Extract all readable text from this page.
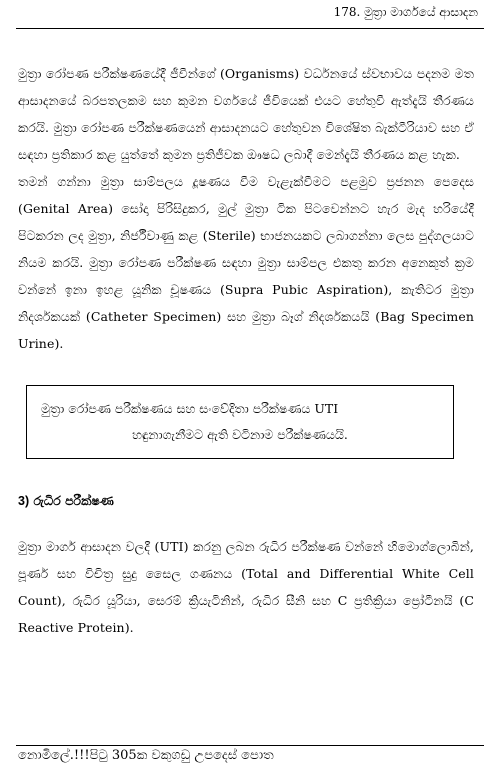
178. මුත්‍රා මාර්ගයේ ආසාදන

මුත්‍රා රෝපණ පරීක්ෂණයේදී ජීවීන්ගේ (Organisms) වර්ධනයේ ස්වභාවය පදනම මත ආසාදනයේ බරපතලකම සහ කුමන වර්ගයේ ජීවියෙක් එයට හේතුවී ඇත්දැයි තීරණය කරයි. මුත්‍රා රෝපණ පරීක්ෂණයෙන් ආසාදනයට හේතුවන විශේෂිත බැක්ටීරියාව සහ ඒ සඳහා ප්‍රතිකාර කළ යුත්තේ කුමන ප්‍රතිජීවක ඖෂධ ලබාදී මෙන්දැයි තීරණය කළ හැක.

තමන් ගන්නා මුත්‍රා සාම්පලය දූෂණය වීම වැළැක්වීමට පළමුව ප්‍රජනන පෙදෙස (Genital Area) සෝදා පිරිසිදුකර, මුල් මුත්‍රා ටික පිටවෙන්නට හැර මැද හරියේදී පිටකරන ලද මුත්‍රා, නිර්ජීවාණු කළ (Sterile) භාජනයකට ලබාගන්නා ලෙස පුද්ගලයාට නියම කරයි. මුත්‍රා රෝපණ පරීක්ෂණ සඳහා මුත්‍රා සාම්පල එකතු කරන අනෙකුත් ක්‍රම වන්නේ ඉනා ඉහළ යූනික චූෂණය (Supra Pubic Aspiration), කැතිටර මුත්‍රා නිදර්ශකයක් (Catheter Specimen) සහ මුත්‍රා බෑග් නිදර්ශකයයි (Bag Specimen Urine).

මුත්‍රා රෝපණ පරීක්ෂණය සහ සංවේදිතා පරීක්ෂණය UTI
හඳුනාගැනීමට ඇති වටිනාම පරීක්ෂණයයි.
3) රුධිර පරීක්ෂණ

මුත්‍රා මාර්ග ආසාදන වලදී (UTI) කරනු ලබන රුධිර පරීක්ෂණ වන්නේ හිමොග්ලොබින්, පූර්ණ සහ විචිත්‍ර සුදු සෛල ගණනය (Total and Differential White Cell Count), රුධිර යූරියා, සෙරම් ක්‍රියැටිනින්, රුධිර සීනි සහ C ප්‍රතික්‍රියා ප්‍රෝටීනයි (C Reactive Protein).

නොමිලේ.!!!පිටු 305ක වකුගඩු උපදෙස් පොත
